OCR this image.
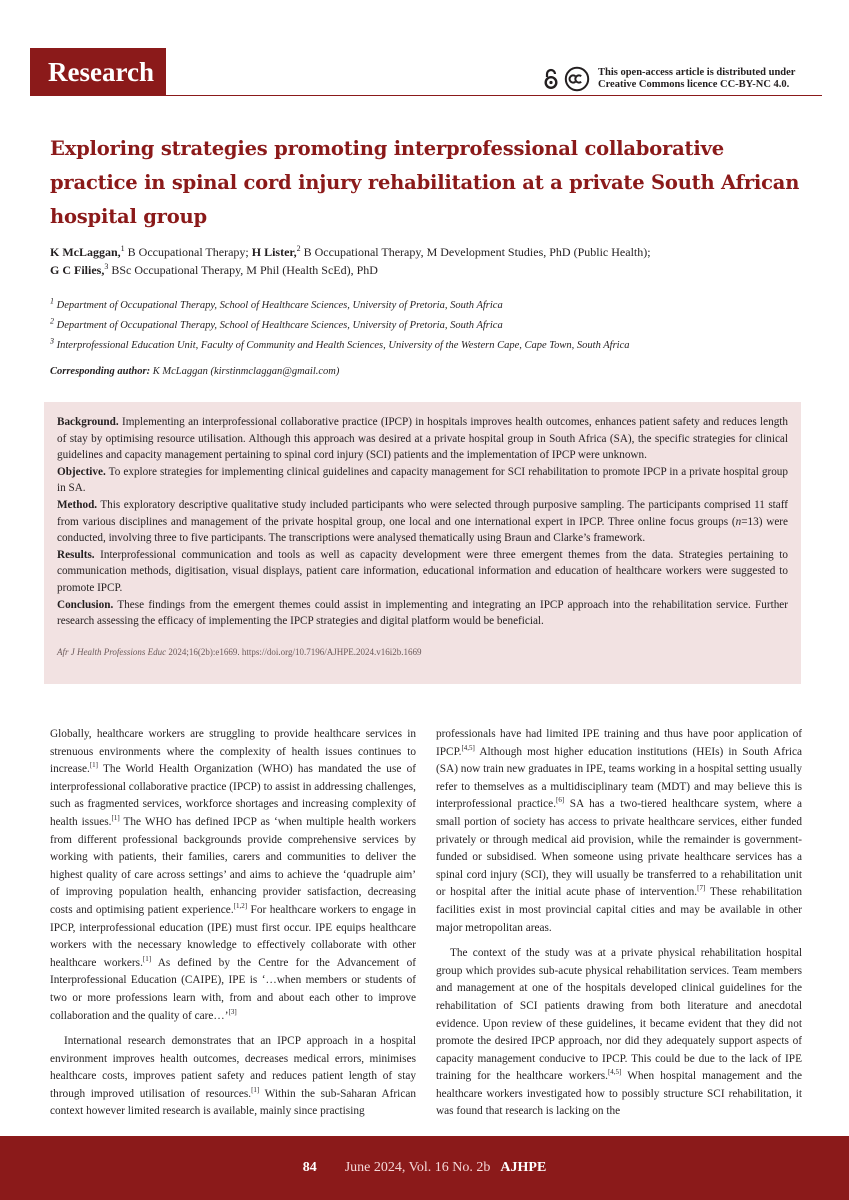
Research	This open-access article is distributed under
Creative Commons licence CC-BY-NC 4.0.
Exploring strategies promoting interprofessional collaborative practice in spinal cord injury rehabilitation at a private South African hospital group
K McLaggan,$^1$ B Occupational Therapy; H Lister,$^2$ B Occupational Therapy, M Development Studies, PhD (Public Health);
G C Filies,$^3$ BSc Occupational Therapy, M Phil (Health ScEd), PhD
$^1$ Department of Occupational Therapy, School of Healthcare Sciences, University of Pretoria, South Africa
$^2$ Department of Occupational Therapy, School of Healthcare Sciences, University of Pretoria, South Africa
$^3$ Interprofessional Education Unit, Faculty of Community and Health Sciences, University of the Western Cape, Cape Town, South Africa
Corresponding author: K McLaggan (kirstinmclaggan@gmail.com)
Background. Implementing an interprofessional collaborative practice (IPCP) in hospitals improves health outcomes, enhances patient safety and reduces length of stay by optimising resource utilisation. Although this approach was desired at a private hospital group in South Africa (SA), the specific strategies for clinical guidelines and capacity management pertaining to spinal cord injury (SCI) patients and the implementation of IPCP were unknown.
Objective. To explore strategies for implementing clinical guidelines and capacity management for SCI rehabilitation to promote IPCP in a private hospital group in SA.
Method. This exploratory descriptive qualitative study included participants who were selected through purposive sampling. The participants comprised 11 staff from various disciplines and management of the private hospital group, one local and one international expert in IPCP. Three online focus groups (n=13) were conducted, involving three to five participants. The transcriptions were analysed thematically using Braun and Clarke’s framework.
Results. Interprofessional communication and tools as well as capacity development were three emergent themes from the data. Strategies pertaining to communication methods, digitisation, visual displays, patient care information, educational information and education of healthcare workers were suggested to promote IPCP.
Conclusion. These findings from the emergent themes could assist in implementing and integrating an IPCP approach into the rehabilitation service. Further research assessing the efficacy of implementing the IPCP strategies and digital platform would be beneficial.
Afr J Health Professions Educ 2024;16(2b):e1669. https://doi.org/10.7196/AJHPE.2024.v16i2b.1669

Globally, healthcare workers are struggling to provide healthcare services in strenuous environments where the complexity of health issues continues to increase.[1] The World Health Organization (WHO) has mandated the use of interprofessional collaborative practice (IPCP) to assist in addressing challenges, such as fragmented services, workforce shortages and increasing complexity of health issues.[1] The WHO has defined IPCP as ‘when multiple health workers from different professional backgrounds provide comprehensive services by working with patients, their families, carers and communities to deliver the highest quality of care across settings’ and aims to achieve the ‘quadruple aim’ of improving population health, enhancing provider satisfaction, decreasing costs and optimising patient experience.[1,2] For healthcare workers to engage in IPCP, interprofessional education (IPE) must first occur. IPE equips healthcare workers with the necessary knowledge to effectively collaborate with other healthcare workers.[1] As defined by the Centre for the Advancement of Interprofessional Education (CAIPE), IPE is ‘…when members or students of two or more professions learn with, from and about each other to improve collaboration and the quality of care…’[3]

International research demonstrates that an IPCP approach in a hospital environment improves health outcomes, decreases medical errors, minimises healthcare costs, improves patient safety and reduces patient length of stay through improved utilisation of resources.[1] Within the sub-Saharan African context however limited research is available, mainly since practising

professionals have had limited IPE training and thus have poor application of IPCP.[4,5] Although most higher education institutions (HEIs) in South Africa (SA) now train new graduates in IPE, teams working in a hospital setting usually refer to themselves as a multidisciplinary team (MDT) and may believe this is interprofessional practice.[6] SA has a two-tiered healthcare system, where a small portion of society has access to private healthcare services, either funded privately or through medical aid provision, while the remainder is government-funded or subsidised. When someone using private healthcare services has a spinal cord injury (SCI), they will usually be transferred to a rehabilitation unit or hospital after the initial acute phase of intervention.[7] These rehabilitation facilities exist in most provincial capital cities and may be available in other major metropolitan areas.

The context of the study was at a private physical rehabilitation hospital group which provides sub-acute physical rehabilitation services. Team members and management at one of the hospitals developed clinical guidelines for the rehabilitation of SCI patients drawing from both literature and anecdotal evidence. Upon review of these guidelines, it became evident that they did not promote the desired IPCP approach, nor did they adequately support aspects of capacity management conducive to IPCP. This could be due to the lack of IPE training for the healthcare workers.[4,5] When hospital management and the healthcare workers investigated how to possibly structure SCI rehabilitation, it was found that research is lacking on the

84 June 2024, Vol. 16 No. 2b AJHPE
